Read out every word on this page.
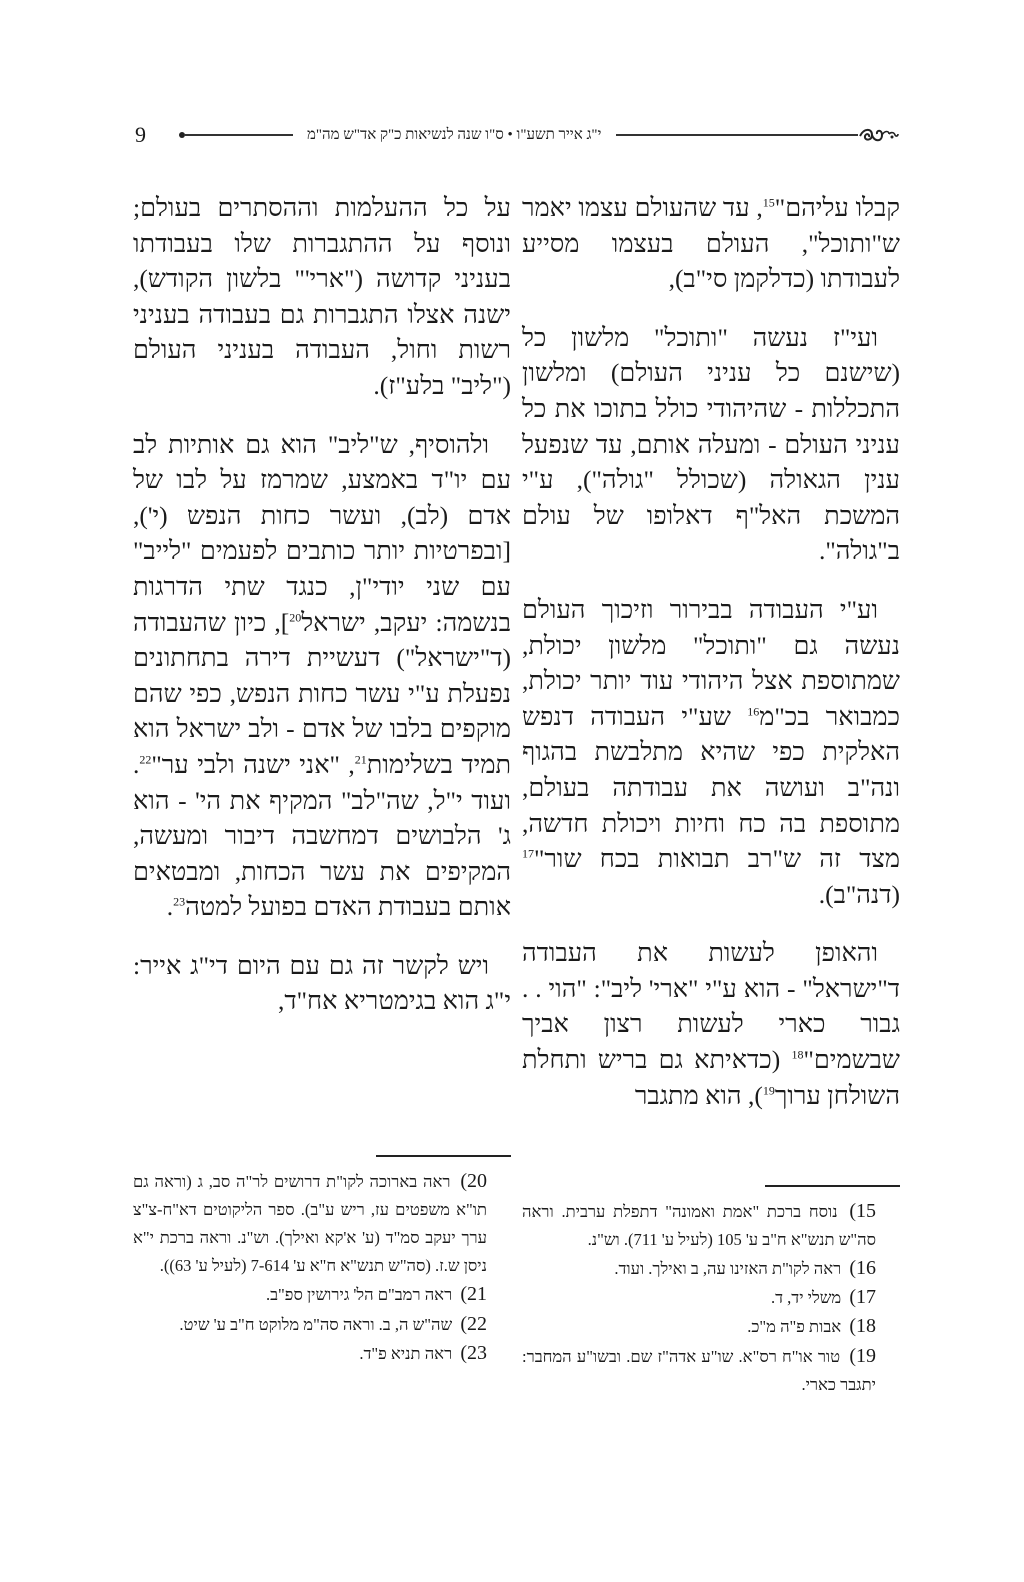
9	י"ג אייר תשע"ו • ס"ו שנה לנשיאות כ"ק אד"ש מה"מ

קבלו עליהם"$^{15}$, עד שהעולם עצמו יאמר ש"ותוכל", העולם בעצמו מסייע לעבודתו (כדלקמן סי"ב),

ועי"ז נעשה "ותוכל" מלשון כל (שישנם כל עניני העולם) ומלשון התכללות - שהיהודי כולל בתוכו את כל עניני העולם - ומעלה אותם, עד שנפעל ענין הגאולה (שכולל "גולה"), ע"י המשכת האל"ף דאלופו של עולם ב"גולה".

וע"י העבודה בבירור וזיכוך העולם נעשה גם "ותוכל" מלשון יכולת, שמתוספת אצל היהודי עוד יותר יכולת, כמבואר בכ"מ$^{16}$ שע"י העבודה דנפש האלקית כפי שהיא מתלבשת בהגוף ונה"ב ועושה את עבודתה בעולם, מתוספת בה כח וחיות ויכולת חדשה, מצד זה ש"רב תבואות בכח שור"$^{17}$ (דנה"ב).

והאופן לעשות את העבודה ד"ישראל" - הוא ע"י "ארי' ליב": "הוי . . גבור כארי לעשות רצון אביך שבשמים"$^{18}$ (כדאיתא גם בריש ותחלת השולחן ערוך$^{19}$), הוא מתגבר

על כל ההעלמות וההסתרים בעולם; ונוסף על ההתגברות שלו בעבודתו בעניני קדושה ("ארי'" בלשון הקודש), ישנה אצלו התגברות גם בעבודה בעניני רשות וחול, העבודה בעניני העולם ("ליב" בלע"ז).

ולהוסיף, ש"ליב" הוא גם אותיות לב עם יו"ד באמצע, שמרמז על לבו של אדם (לב), ועשר כחות הנפש (י'), [ובפרטיות יותר כותבים לפעמים "לייב" עם שני יודי"ן, כנגד שתי הדרגות בנשמה: יעקב, ישראל$^{20}$], כיון שהעבודה (ד"ישראל") דעשיית דירה בתחתונים נפעלת ע"י עשר כחות הנפש, כפי שהם מוקפים בלבו של אדם - ולב ישראל הוא תמיד בשלימות$^{21}$, "אני ישנה ולבי ער"$^{22}$. ועוד י"ל, שה"לב" המקיף את הי' - הוא ג' הלבושים דמחשבה דיבור ומעשה, המקיפים את עשר הכחות, ומבטאים אותם בעבודת האדם בפועל למטה$^{23}$.

ויש לקשר זה גם עם היום די"ג אייר: י"ג הוא בגימטריא אח"ד,

15) נוסח ברכת "אמת ואמונה" דתפלת ערבית. וראה סה"ש תנש"א ח"ב ע' 105 (לעיל ע' 711). וש"נ.

16) ראה לקו"ת האזינו עה, ב ואילך. ועוד.

17) משלי יד, ד.

18) אבות פ"ה מ"כ.

19) טור או"ח רס"א. שו"ע אדה"ז שם. ובשו"ע המחבר: יתגבר כארי.

20) ראה בארוכה לקו"ת דרושים לר"ה סב, ג (וראה גם תו"א משפטים עז, ריש ע"ב). ספר הליקוטים דא"ח-צ"צ ערך יעקב סמ"ד (ע' א'קא ואילך). וש"נ. וראה ברכת י"א ניסן ש.ז. (סה"ש תנש"א ח"א ע' 7-614 (לעיל ע' 63)).

21) ראה רמב"ם הל' גירושין ספ"ב.

22) שה"ש ה, ב. וראה סה"מ מלוקט ח"ב ע' שיט.

23) ראה תניא פ"ד.
